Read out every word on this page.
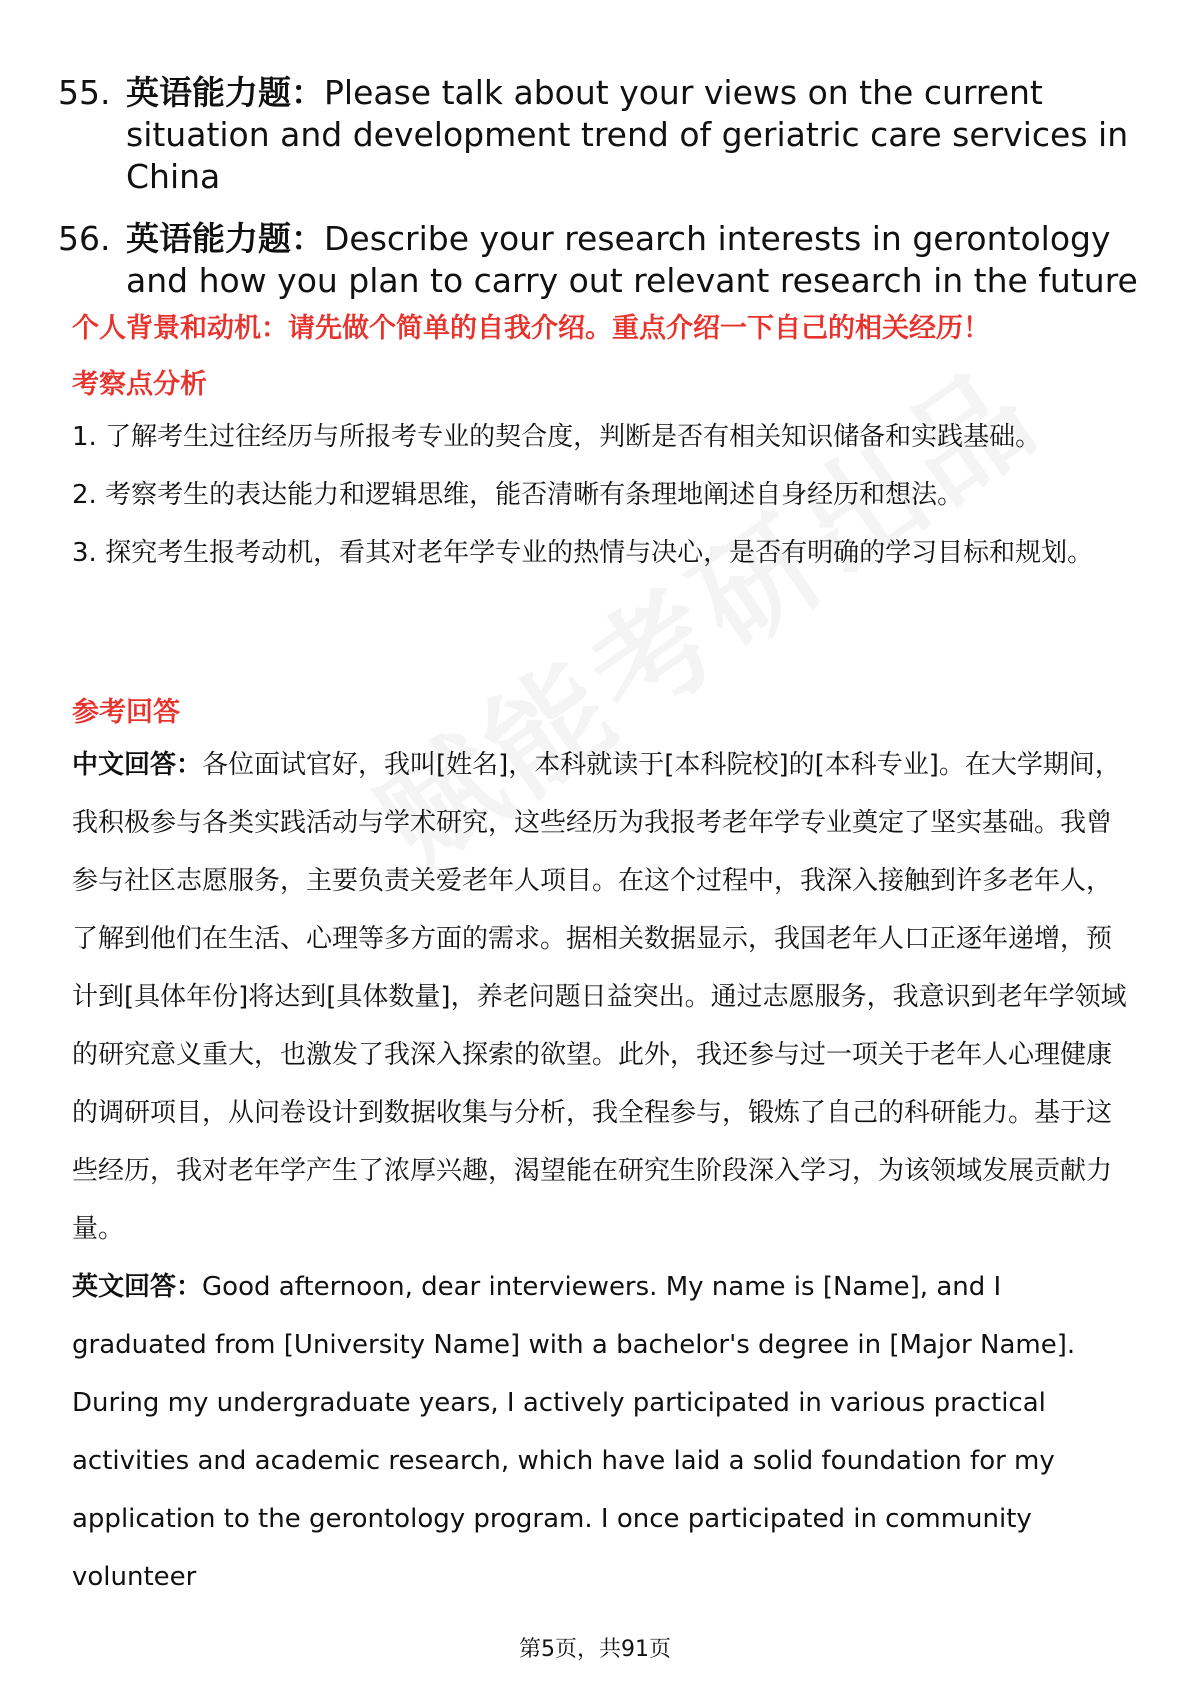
55. 英语能力题：Please talk about your views on the current situation and development trend of geriatric care services in China
56. 英语能力题：Describe your research interests in gerontology and how you plan to carry out relevant research in the future

个人背景和动机：请先做个简单的自我介绍。重点介绍一下自己的相关经历！

考察点分析

1. 了解考生过往经历与所报考专业的契合度，判断是否有相关知识储备和实践基础。

2. 考察考生的表达能力和逻辑思维，能否清晰有条理地阐述自身经历和想法。

3. 探究考生报考动机，看其对老年学专业的热情与决心，是否有明确的学习目标和规划。

参考回答

中文回答：各位面试官好，我叫[姓名]，本科就读于[本科院校]的[本科专业]。在大学期间，我积极参与各类实践活动与学术研究，这些经历为我报考老年学专业奠定了坚实基础。我曾参与社区志愿服务，主要负责关爱老年人项目。在这个过程中，我深入接触到许多老年人，了解到他们在生活、心理等多方面的需求。据相关数据显示，我国老年人口正逐年递增，预计到[具体年份]将达到[具体数量]，养老问题日益突出。通过志愿服务，我意识到老年学领域的研究意义重大，也激发了我深入探索的欲望。此外，我还参与过一项关于老年人心理健康的调研项目，从问卷设计到数据收集与分析，我全程参与，锻炼了自己的科研能力。基于这些经历，我对老年学产生了浓厚兴趣，渴望能在研究生阶段深入学习，为该领域发展贡献力量。

英文回答：Good afternoon, dear interviewers. My name is [Name], and I graduated from [University Name] with a bachelor's degree in [Major Name]. During my undergraduate years, I actively participated in various practical activities and academic research, which have laid a solid foundation for my application to the gerontology program. I once participated in community volunteer

第5页，共91页
